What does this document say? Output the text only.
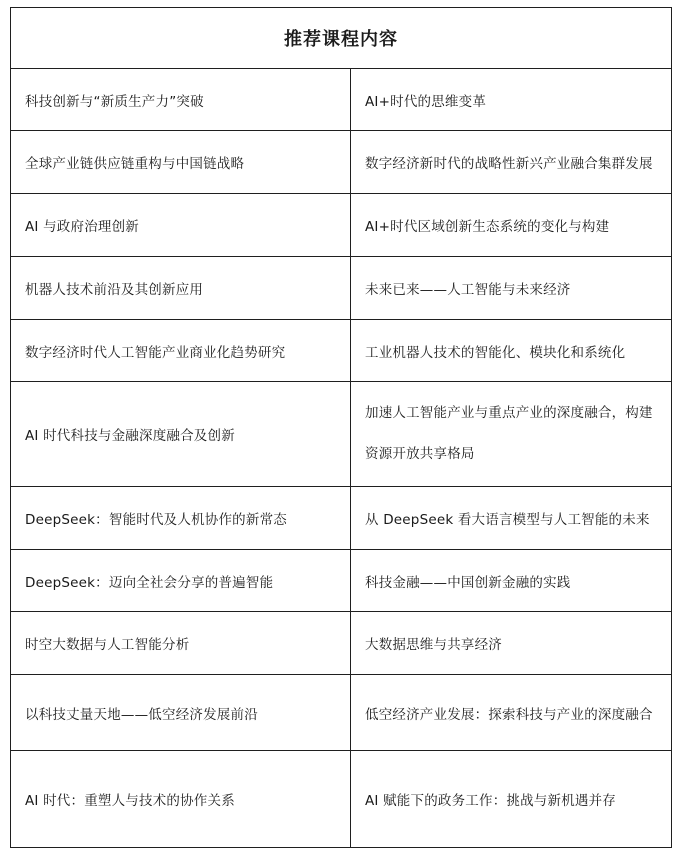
推荐课程内容	
科技创新与“新质生产力”突破	AI+时代的思维变革
全球产业链供应链重构与中国链战略	数字经济新时代的战略性新兴产业融合集群发展
AI 与政府治理创新	AI+时代区域创新生态系统的变化与构建
机器人技术前沿及其创新应用	未来已来——人工智能与未来经济
数字经济时代人工智能产业商业化趋势研究	工业机器人技术的智能化、模块化和系统化
AI 时代科技与金融深度融合及创新	加速人工智能产业与重点产业的深度融合，构建资源开放共享格局
DeepSeek：智能时代及人机协作的新常态	从 DeepSeek 看大语言模型与人工智能的未来
DeepSeek：迈向全社会分享的普遍智能	科技金融——中国创新金融的实践
时空大数据与人工智能分析	大数据思维与共享经济
以科技丈量天地——低空经济发展前沿	低空经济产业发展：探索科技与产业的深度融合
AI 时代：重塑人与技术的协作关系	AI 赋能下的政务工作：挑战与新机遇并存
